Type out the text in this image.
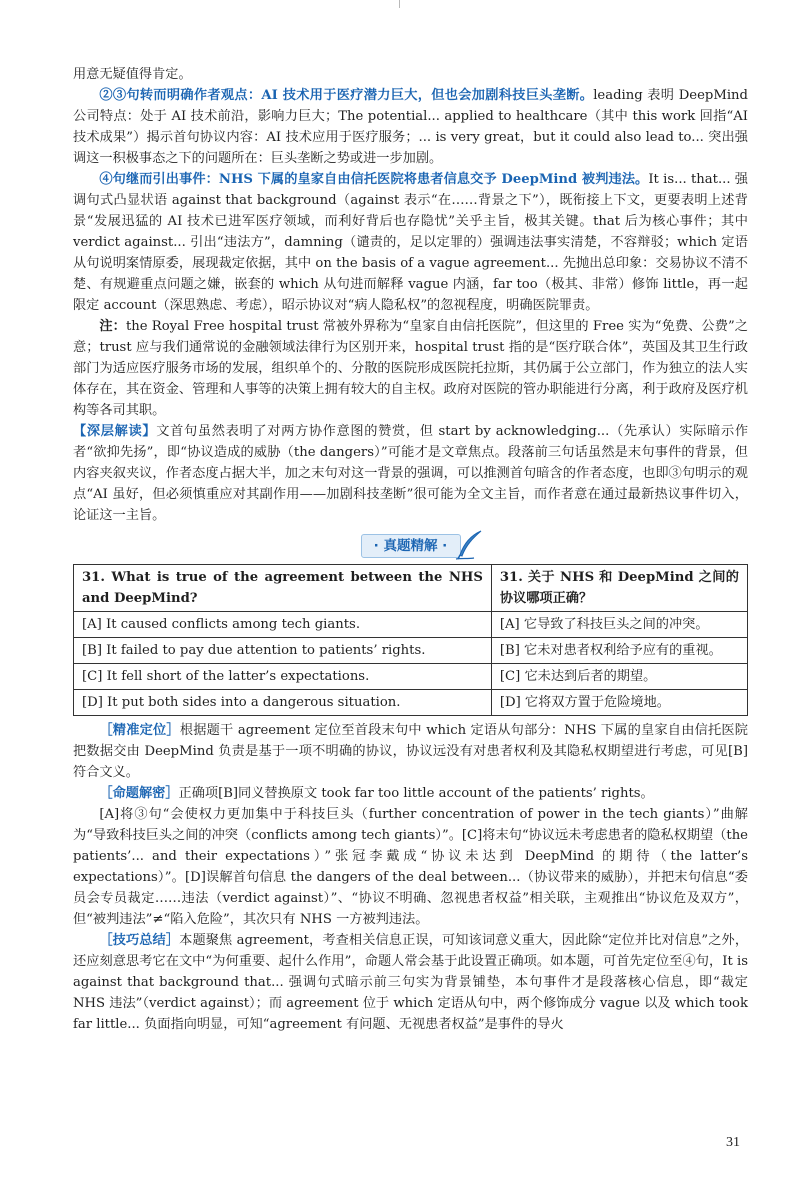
用意无疑值得肯定。

②③句转而明确作者观点：AI 技术用于医疗潜力巨大，但也会加剧科技巨头垄断。leading 表明 DeepMind 公司特点：处于 AI 技术前沿，影响力巨大；The potential... applied to healthcare（其中 this work 回指“AI 技术成果”）揭示首句协议内容：AI 技术应用于医疗服务；... is very great，but it could also lead to... 突出强调这一积极事态之下的问题所在：巨头垄断之势或进一步加剧。

④句继而引出事件：NHS 下属的皇家自由信托医院将患者信息交予 DeepMind 被判违法。It is... that... 强调句式凸显状语 against that background（against 表示“在……背景之下”），既衔接上下文，更要表明上述背景“发展迅猛的 AI 技术已进军医疗领域，而利好背后也存隐忧”关乎主旨，极其关键。that 后为核心事件；其中 verdict against... 引出“违法方”，damning（谴责的，足以定罪的）强调违法事实清楚，不容辩驳；which 定语从句说明案情原委，展现裁定依据，其中 on the basis of a vague agreement... 先抛出总印象：交易协议不清不楚、有规避重点问题之嫌，嵌套的 which 从句进而解释 vague 内涵，far too（极其、非常）修饰 little，再一起限定 account（深思熟虑、考虑），昭示协议对“病人隐私权”的忽视程度，明确医院罪责。

注：the Royal Free hospital trust 常被外界称为“皇家自由信托医院”，但这里的 Free 实为“免费、公费”之意；trust 应与我们通常说的金融领域法律行为区别开来，hospital trust 指的是“医疗联合体”，英国及其卫生行政部门为适应医疗服务市场的发展，组织单个的、分散的医院形成医院托拉斯，其仍属于公立部门，作为独立的法人实体存在，其在资金、管理和人事等的决策上拥有较大的自主权。政府对医院的管办职能进行分离，利于政府及医疗机构等各司其职。

【深层解读】文首句虽然表明了对两方协作意图的赞赏，但 start by acknowledging...（先承认）实际暗示作者“欲抑先扬”，即“协议造成的威胁（the dangers）”可能才是文章焦点。段落前三句话虽然是末句事件的背景，但内容夹叙夹议，作者态度占据大半，加之末句对这一背景的强调，可以推测首句暗含的作者态度，也即③句明示的观点“AI 虽好，但必须慎重应对其副作用——加剧科技垄断”很可能为全文主旨，而作者意在通过最新热议事件切入，论证这一主旨。

· 真题精解 ·
31. What is true of the agreement between the NHS and DeepMind?	31. 关于 NHS 和 DeepMind 之间的协议哪项正确？
[A] It caused conflicts among tech giants.	[A] 它导致了科技巨头之间的冲突。
[B] It failed to pay due attention to patients’ rights.	[B] 它未对患者权利给予应有的重视。
[C] It fell short of the latter’s expectations.	[C] 它未达到后者的期望。
[D] It put both sides into a dangerous situation.	[D] 它将双方置于危险境地。

［精准定位］根据题干 agreement 定位至首段末句中 which 定语从句部分：NHS 下属的皇家自由信托医院把数据交由 DeepMind 负责是基于一项不明确的协议，协议远没有对患者权利及其隐私权期望进行考虑，可见[B]符合文义。

［命题解密］正确项[B]同义替换原文 took far too little account of the patients’ rights。

[A]将③句“会使权力更加集中于科技巨头（further concentration of power in the tech giants）”曲解为“导致科技巨头之间的冲突（conflicts among tech giants）”。[C]将末句“协议远未考虑患者的隐私权期望（the patients’... and their expectations）”张冠李戴成“协议未达到 DeepMind 的期待（the latter’s expectations）”。[D]误解首句信息 the dangers of the deal between...（协议带来的威胁），并把末句信息“委员会专员裁定……违法（verdict against）”、“协议不明确、忽视患者权益”相关联，主观推出“协议危及双方”，但“被判违法”≠“陷入危险”，其次只有 NHS 一方被判违法。

［技巧总结］本题聚焦 agreement，考查相关信息正误，可知该词意义重大，因此除“定位并比对信息”之外，还应刻意思考它在文中“为何重要、起什么作用”，命题人常会基于此设置正确项。如本题，可首先定位至④句，It is against that background that... 强调句式暗示前三句实为背景铺垫，本句事件才是段落核心信息，即“裁定 NHS 违法”（verdict against）；而 agreement 位于 which 定语从句中，两个修饰成分 vague 以及 which took far little... 负面指向明显，可知“agreement 有问题、无视患者权益”是事件的导火

31
